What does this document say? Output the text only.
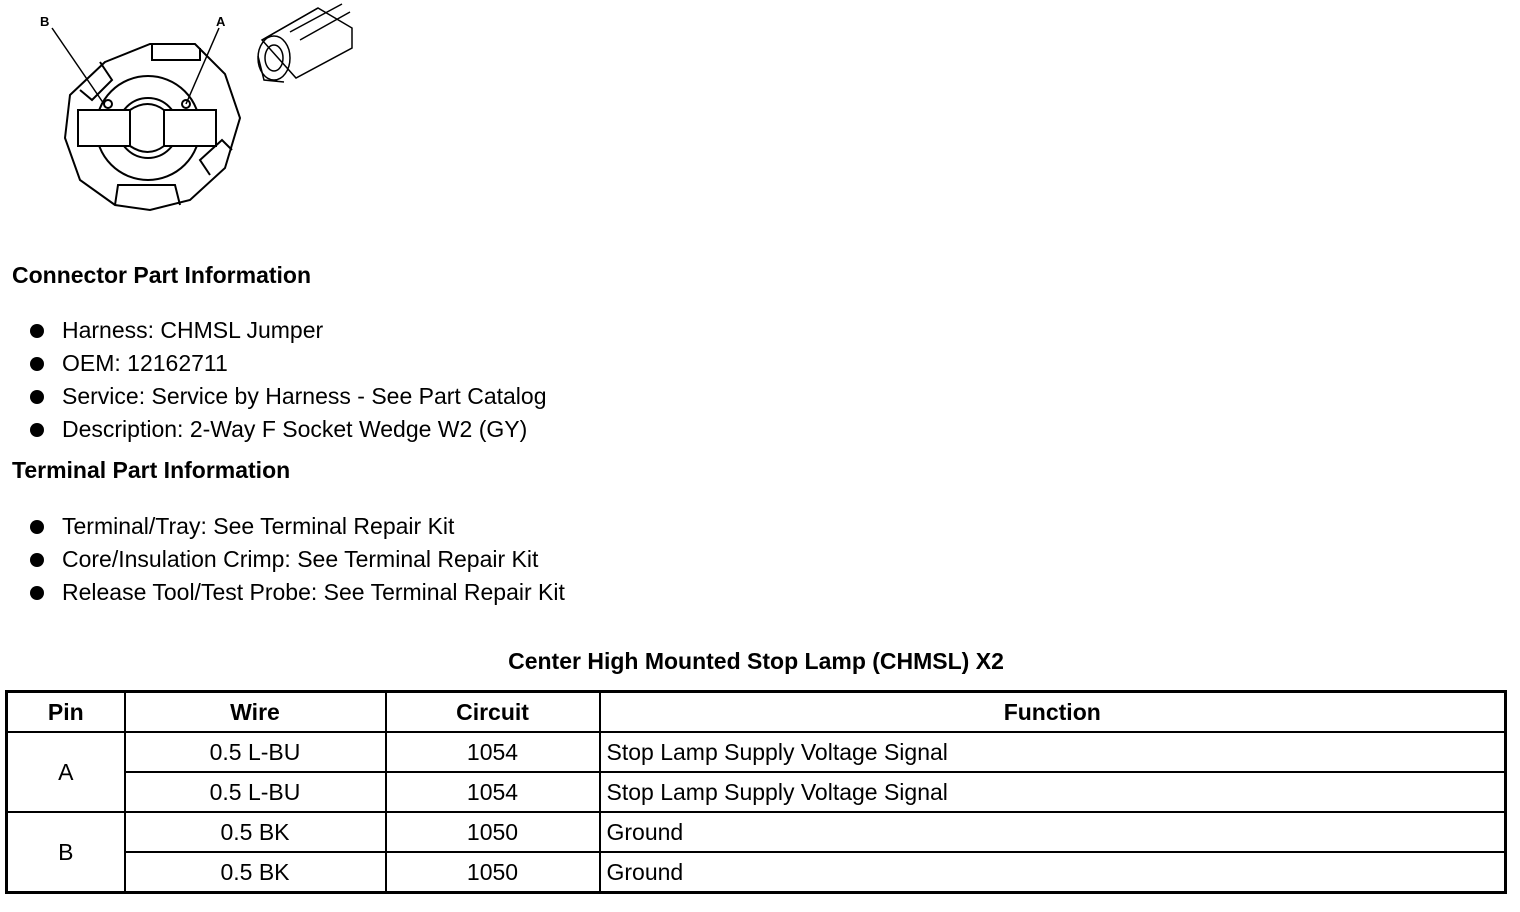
B	A
Connector Part Information
Harness: CHMSL Jumper
OEM: 12162711
Service: Service by Harness - See Part Catalog
Description: 2-Way F Socket Wedge W2 (GY)
Terminal Part Information
Terminal/Tray: See Terminal Repair Kit
Core/Insulation Crimp: See Terminal Repair Kit
Release Tool/Test Probe: See Terminal Repair Kit
Center High Mounted Stop Lamp (CHMSL) X2
Pin	Wire	Circuit	Function
A	0.5 L-BU	1054	Stop Lamp Supply Voltage Signal
	0.5 L-BU	1054	Stop Lamp Supply Voltage Signal
B	0.5 BK	1050	Ground
	0.5 BK	1050	Ground
